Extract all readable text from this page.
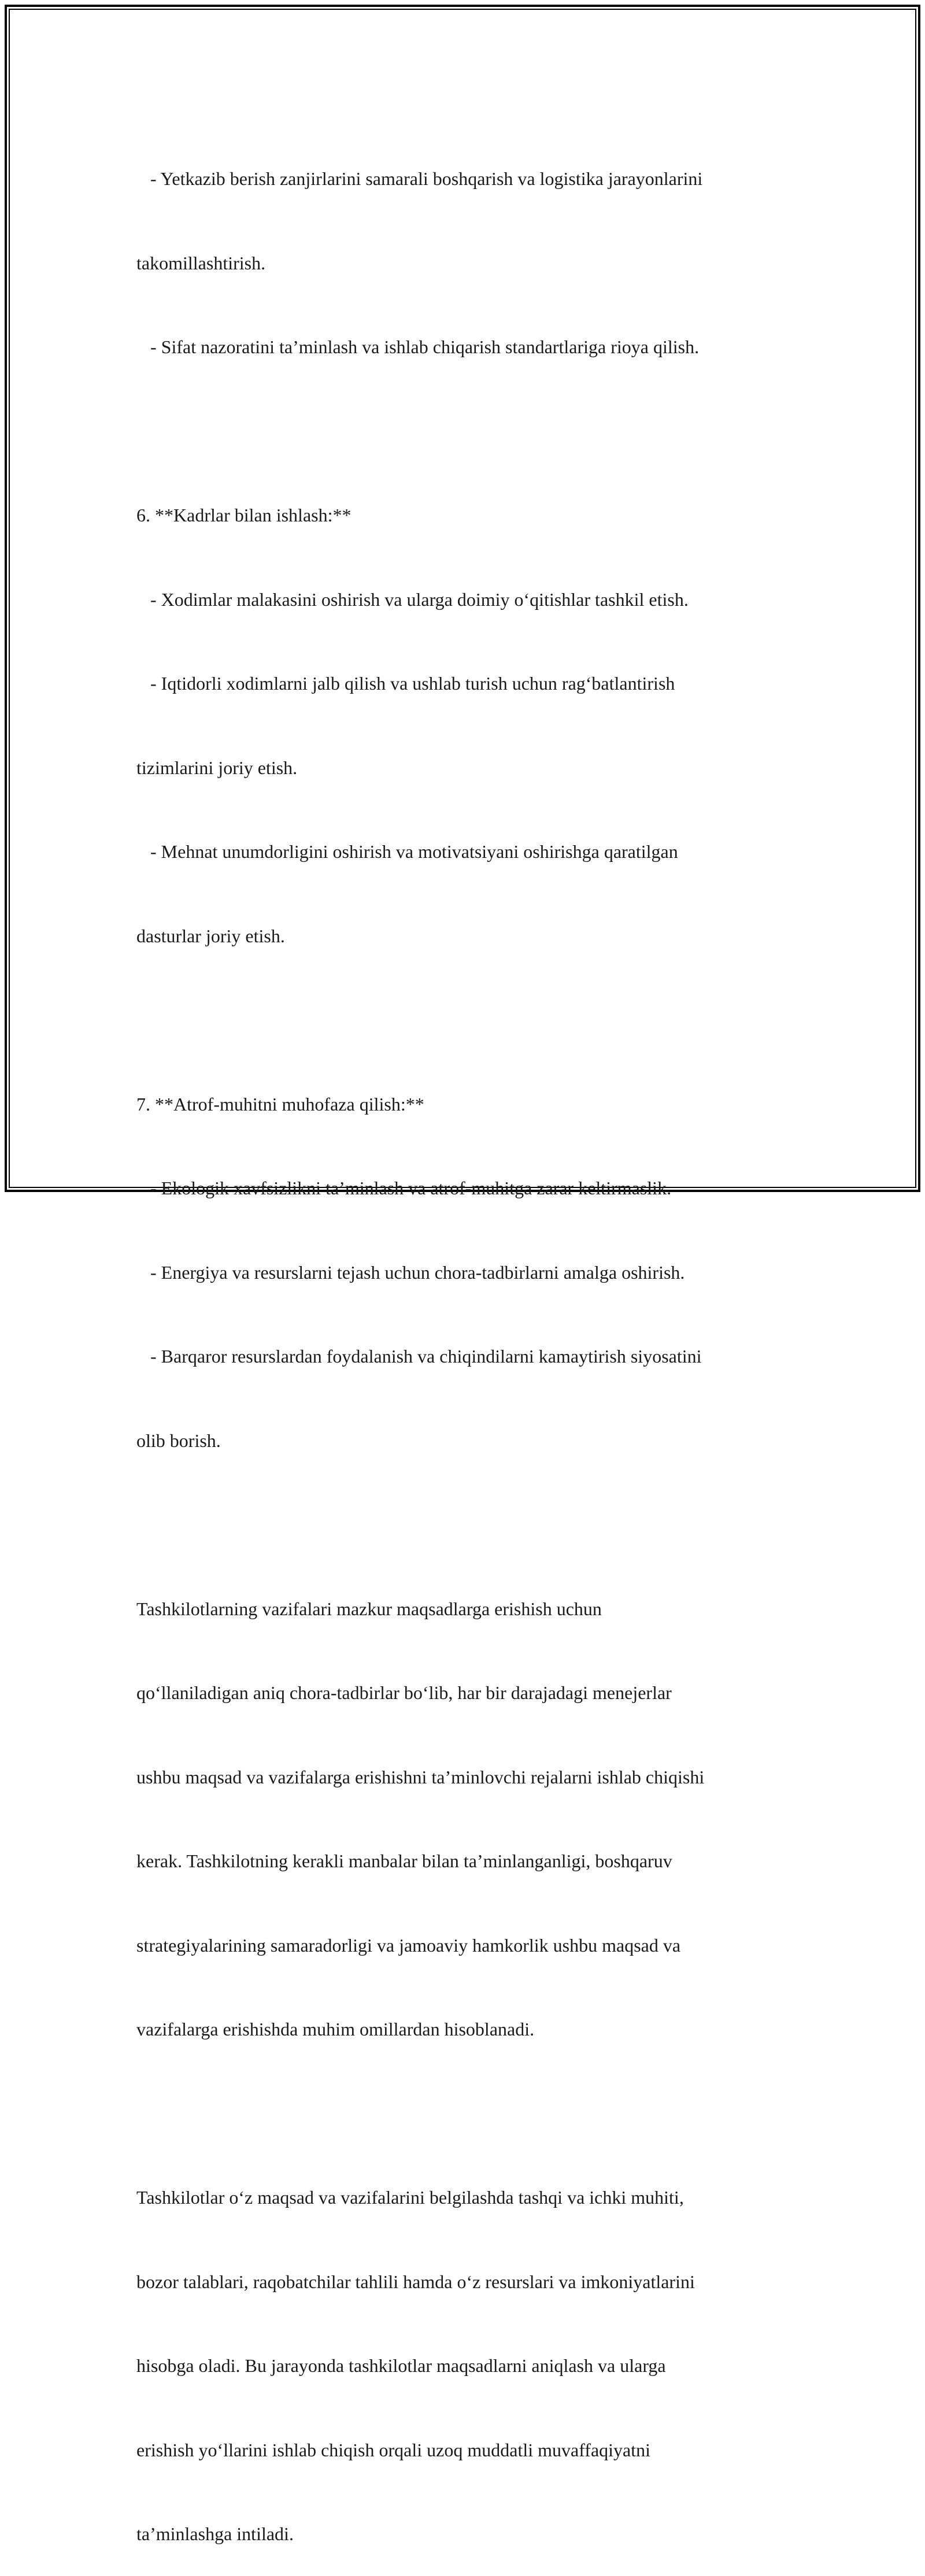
- Yetkazib berish zanjirlarini samarali boshqarish va logistika jarayonlarini

takomillashtirish.

- Sifat nazoratini ta’minlash va ishlab chiqarish standartlariga rioya qilish.

6. **Kadrlar bilan ishlash:**

- Xodimlar malakasini oshirish va ularga doimiy o‘qitishlar tashkil etish.

- Iqtidorli xodimlarni jalb qilish va ushlab turish uchun rag‘batlantirish

tizimlarini joriy etish.

- Mehnat unumdorligini oshirish va motivatsiyani oshirishga qaratilgan

dasturlar joriy etish.

7. **Atrof-muhitni muhofaza qilish:**

- Ekologik xavfsizlikni ta’minlash va atrof-muhitga zarar keltirmaslik.

- Energiya va resurslarni tejash uchun chora-tadbirlarni amalga oshirish.

- Barqaror resurslardan foydalanish va chiqindilarni kamaytirish siyosatini

olib borish.

Tashkilotlarning vazifalari mazkur maqsadlarga erishish uchun

qo‘llaniladigan aniq chora-tadbirlar bo‘lib, har bir darajadagi menejerlar

ushbu maqsad va vazifalarga erishishni ta’minlovchi rejalarni ishlab chiqishi

kerak. Tashkilotning kerakli manbalar bilan ta’minlanganligi, boshqaruv

strategiyalarining samaradorligi va jamoaviy hamkorlik ushbu maqsad va

vazifalarga erishishda muhim omillardan hisoblanadi.

Tashkilotlar o‘z maqsad va vazifalarini belgilashda tashqi va ichki muhiti,

bozor talablari, raqobatchilar tahlili hamda o‘z resurslari va imkoniyatlarini

hisobga oladi. Bu jarayonda tashkilotlar maqsadlarni aniqlash va ularga

erishish yo‘llarini ishlab chiqish orqali uzoq muddatli muvaffaqiyatni

ta’minlashga intiladi.
